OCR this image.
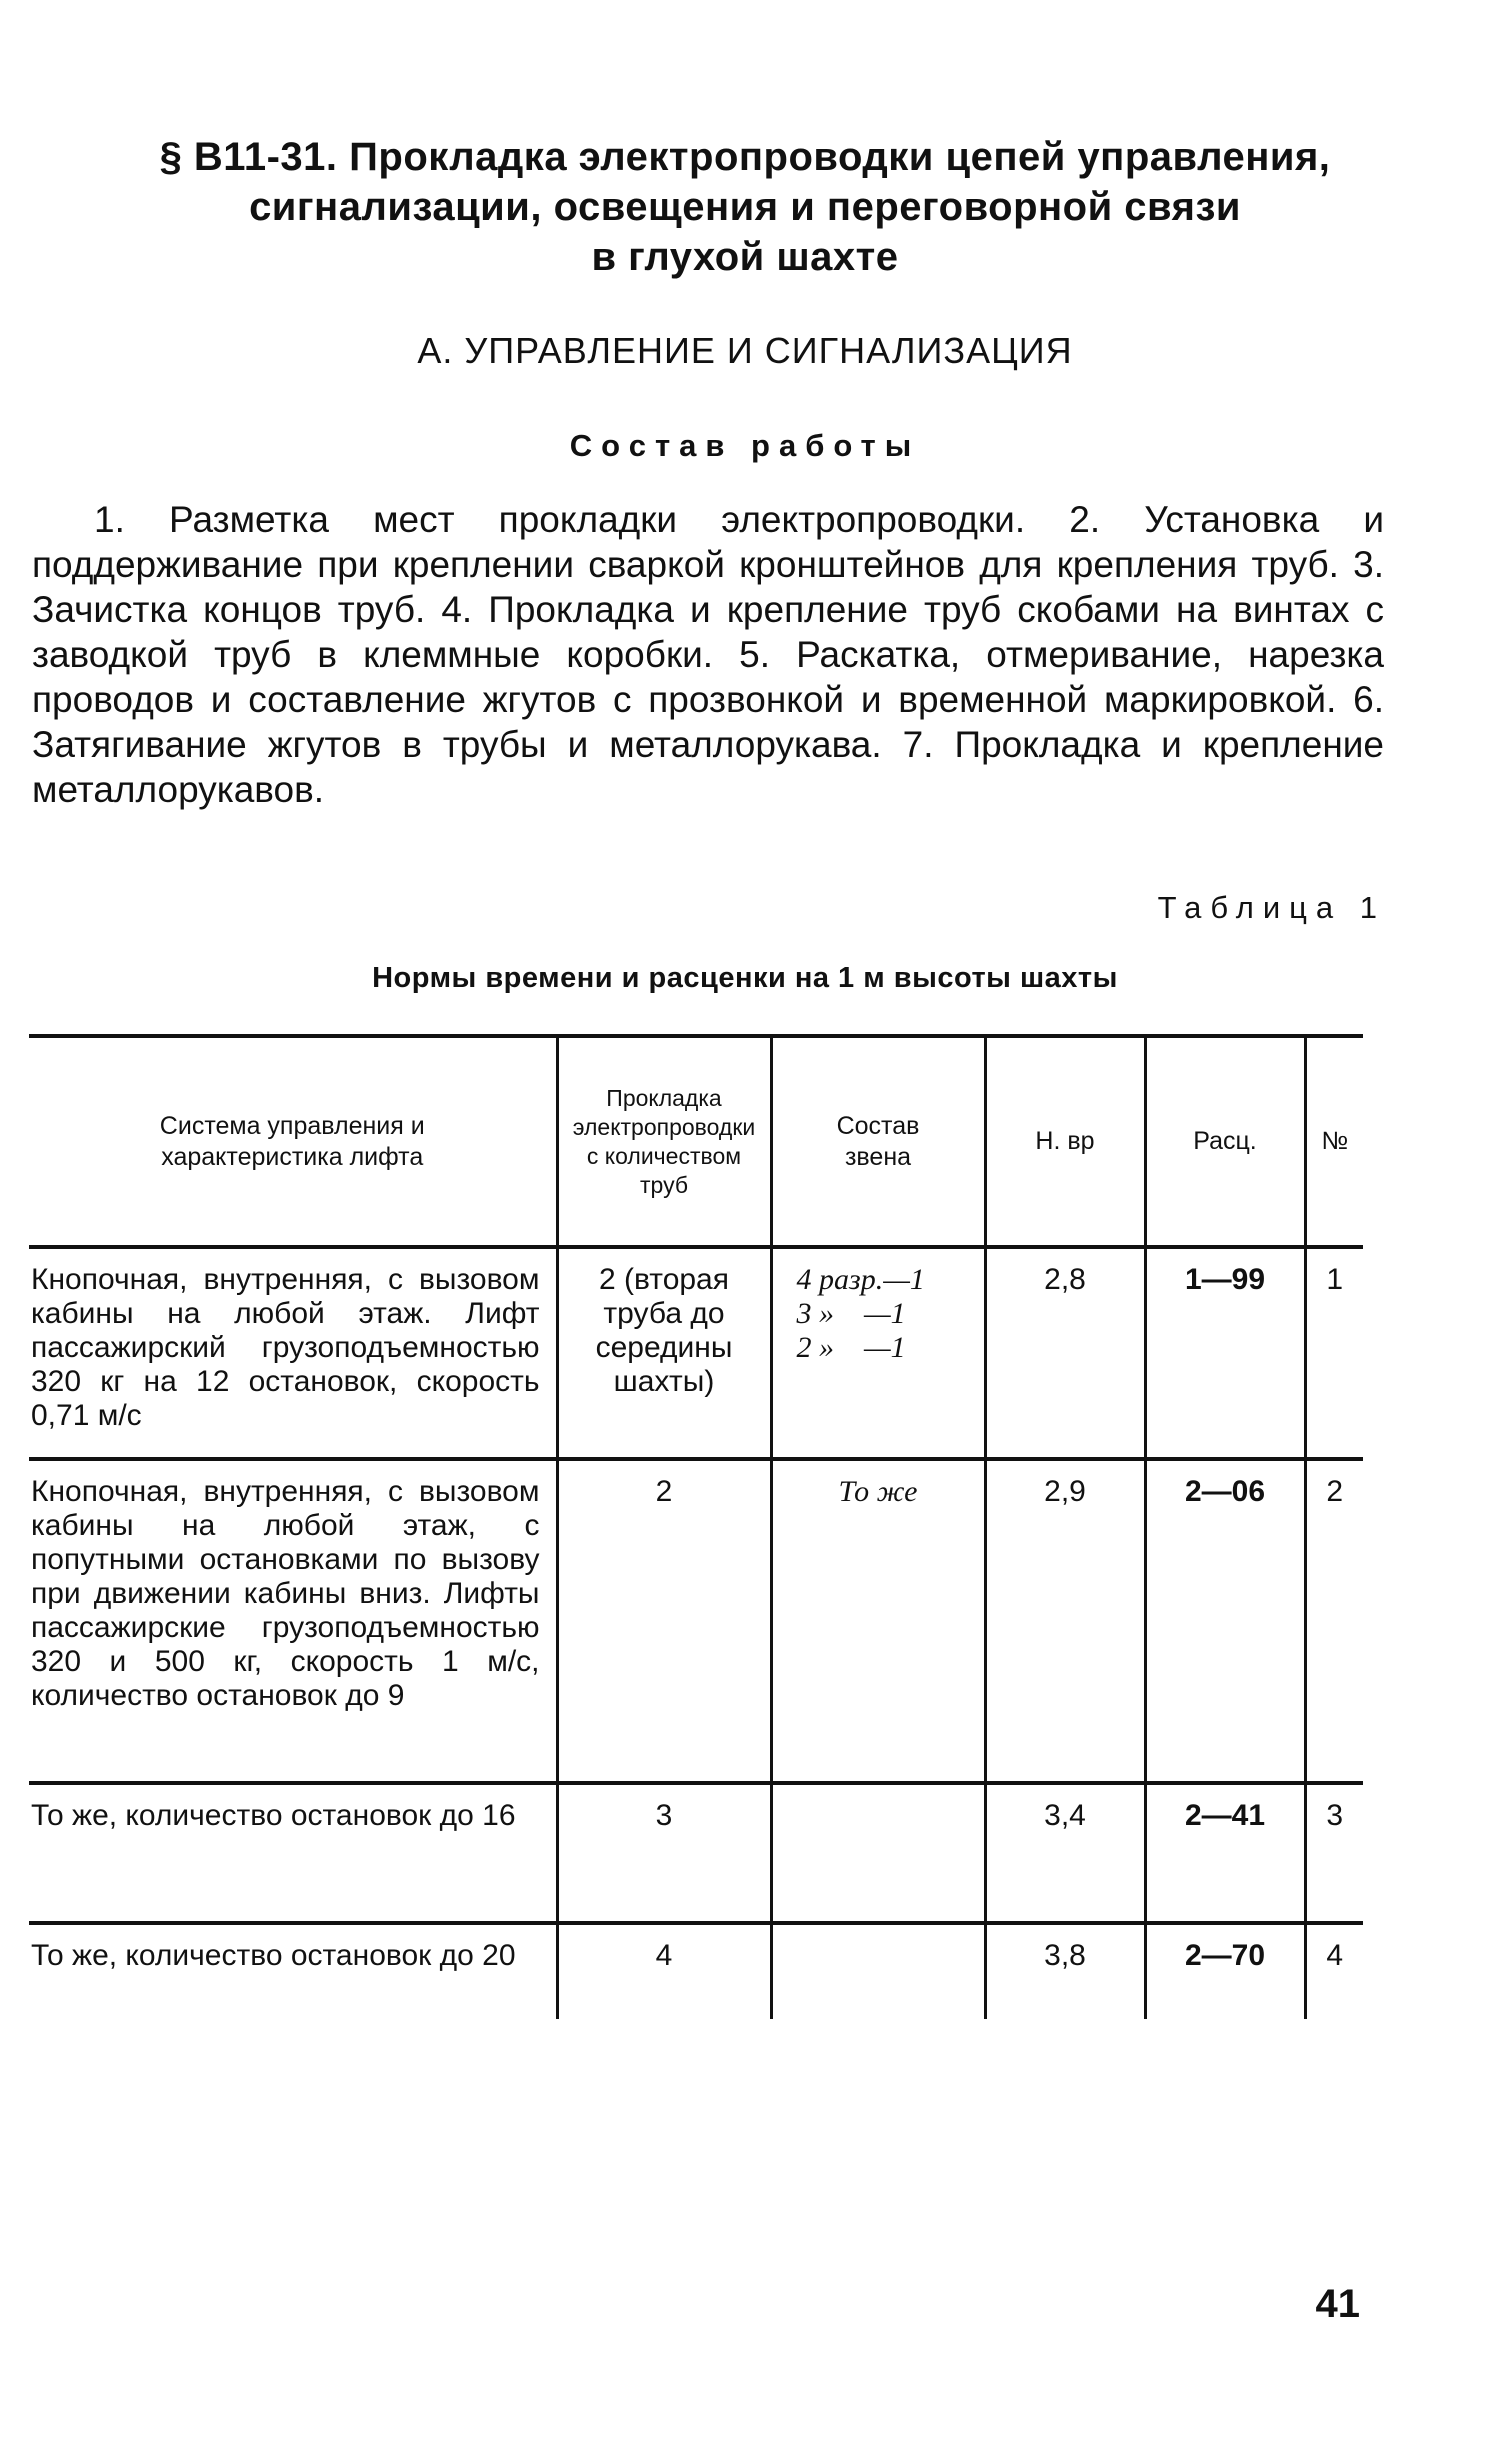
§ В11-31. Прокладка электропроводки цепей управления,
сигнализации, освещения и переговорной связи
в глухой шахте
А. УПРАВЛЕНИЕ И СИГНАЛИЗАЦИЯ
Состав работы
1. Разметка мест прокладки электропроводки. 2. Установка и поддерживание при креплении сваркой кронштейнов для крепления труб. 3. Зачистка концов труб. 4. Прокладка и крепление труб скобами на винтах с заводкой труб в клеммные коробки. 5. Раскатка, отмеривание, нарезка проводов и составление жгутов с прозвонкой и временной маркировкой. 6. Затягивание жгутов в трубы и металлорукава. 7. Прокладка и крепление металлорукавов.
Таблица 1
Нормы времени и расценки на 1 м высоты шахты
Система управления и характеристика лифта	Прокладка электропроводки с количеством труб	Состав звена	Н. вр	Расц.	№
Кнопочная, внутренняя, с вызовом кабины на любой этаж. Лифт пассажирский грузоподъемностью 320 кг на 12 остановок, скорость 0,71 м/с	2 (вторая труба до середины шахты)	4 разр.—1
3 »    —1
2 »    —1	2,8	1—99	1
Кнопочная, внутренняя, с вызовом кабины на любой этаж, с попутными остановками по вызову при движении кабины вниз. Лифты пассажирские грузоподъемностью 320 и 500 кг, скорость 1 м/с, количество остановок до 9	2	То же	2,9	2—06	2
То же, количество остановок до 16	3		3,4	2—41	3
То же, количество остановок до 20	4		3,8	2—70	4
41
